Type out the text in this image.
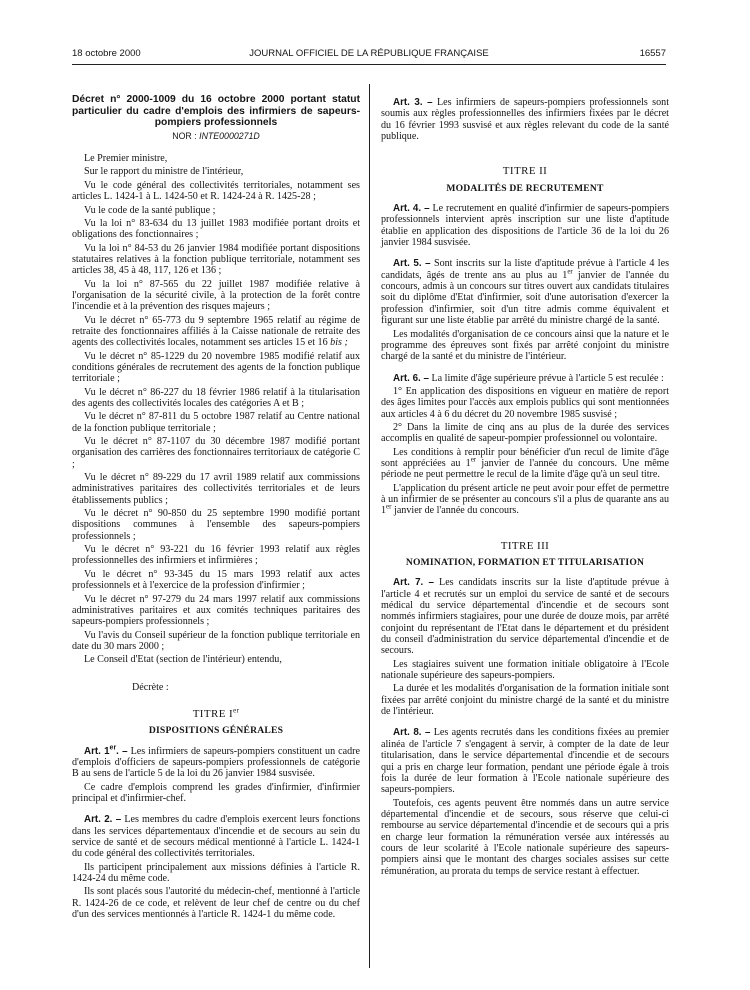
18 octobre 2000	JOURNAL OFFICIEL DE LA RÉPUBLIQUE FRANÇAISE	16557
Décret n° 2000-1009 du 16 octobre 2000 portant statut particulier du cadre d'emplois des infirmiers de sapeurs-pompiers professionnels
NOR : INTE0000271D

Le Premier ministre,

Sur le rapport du ministre de l'intérieur,

Vu le code général des collectivités territoriales, notamment ses articles L. 1424-1 à L. 1424-50 et R. 1424-24 à R. 1425-28 ;

Vu le code de la santé publique ;

Vu la loi n° 83-634 du 13 juillet 1983 modifiée portant droits et obligations des fonctionnaires ;

Vu la loi n° 84-53 du 26 janvier 1984 modifiée portant dispositions statutaires relatives à la fonction publique territoriale, notamment ses articles 38, 45 à 48, 117, 126 et 136 ;

Vu la loi n° 87-565 du 22 juillet 1987 modifiée relative à l'organisation de la sécurité civile, à la protection de la forêt contre l'incendie et à la prévention des risques majeurs ;

Vu le décret n° 65-773 du 9 septembre 1965 relatif au régime de retraite des fonctionnaires affiliés à la Caisse nationale de retraite des agents des collectivités locales, notamment ses articles 15 et 16 bis ;

Vu le décret n° 85-1229 du 20 novembre 1985 modifié relatif aux conditions générales de recrutement des agents de la fonction publique territoriale ;

Vu le décret n° 86-227 du 18 février 1986 relatif à la titularisation des agents des collectivités locales des catégories A et B ;

Vu le décret n° 87-811 du 5 octobre 1987 relatif au Centre national de la fonction publique territoriale ;

Vu le décret n° 87-1107 du 30 décembre 1987 modifié portant organisation des carrières des fonctionnaires territoriaux de catégorie C ;

Vu le décret n° 89-229 du 17 avril 1989 relatif aux commissions administratives paritaires des collectivités territoriales et de leurs établissements publics ;

Vu le décret n° 90-850 du 25 septembre 1990 modifié portant dispositions communes à l'ensemble des sapeurs-pompiers professionnels ;

Vu le décret n° 93-221 du 16 février 1993 relatif aux règles professionnelles des infirmiers et infirmières ;

Vu le décret n° 93-345 du 15 mars 1993 relatif aux actes professionnels et à l'exercice de la profession d'infirmier ;

Vu le décret n° 97-279 du 24 mars 1997 relatif aux commissions administratives paritaires et aux comités techniques paritaires des sapeurs-pompiers professionnels ;

Vu l'avis du Conseil supérieur de la fonction publique territoriale en date du 30 mars 2000 ;

Le Conseil d'Etat (section de l'intérieur) entendu,

Décrète :

TITRE Ier
DISPOSITIONS GÉNÉRALES

Art. 1er. – Les infirmiers de sapeurs-pompiers constituent un cadre d'emplois d'officiers de sapeurs-pompiers professionnels de catégorie B au sens de l'article 5 de la loi du 26 janvier 1984 susvisée.

Ce cadre d'emplois comprend les grades d'infirmier, d'infirmier principal et d'infirmier-chef.

Art. 2. – Les membres du cadre d'emplois exercent leurs fonctions dans les services départementaux d'incendie et de secours au sein du service de santé et de secours médical mentionné à l'article L. 1424-1 du code général des collectivités territoriales.

Ils participent principalement aux missions définies à l'article R. 1424-24 du même code.

Ils sont placés sous l'autorité du médecin-chef, mentionné à l'article R. 1424-26 de ce code, et relèvent de leur chef de centre ou du chef d'un des services mentionnés à l'article R. 1424-1 du même code.

Art. 3. – Les infirmiers de sapeurs-pompiers professionnels sont soumis aux règles professionnelles des infirmiers fixées par le décret du 16 février 1993 susvisé et aux règles relevant du code de la santé publique.

TITRE II
MODALITÉS DE RECRUTEMENT

Art. 4. – Le recrutement en qualité d'infirmier de sapeurs-pompiers professionnels intervient après inscription sur une liste d'aptitude établie en application des dispositions de l'article 36 de la loi du 26 janvier 1984 susvisée.

Art. 5. – Sont inscrits sur la liste d'aptitude prévue à l'article 4 les candidats, âgés de trente ans au plus au 1er janvier de l'année du concours, admis à un concours sur titres ouvert aux candidats titulaires soit du diplôme d'Etat d'infirmier, soit d'une autorisation d'exercer la profession d'infirmier, soit d'un titre admis comme équivalent et figurant sur une liste établie par arrêté du ministre chargé de la santé.

Les modalités d'organisation de ce concours ainsi que la nature et le programme des épreuves sont fixés par arrêté conjoint du ministre chargé de la santé et du ministre de l'intérieur.

Art. 6. – La limite d'âge supérieure prévue à l'article 5 est reculée :

1° En application des dispositions en vigueur en matière de report des âges limites pour l'accès aux emplois publics qui sont mentionnées aux articles 4 à 6 du décret du 20 novembre 1985 susvisé ;

2° Dans la limite de cinq ans au plus de la durée des services accomplis en qualité de sapeur-pompier professionnel ou volontaire.

Les conditions à remplir pour bénéficier d'un recul de limite d'âge sont appréciées au 1er janvier de l'année du concours. Une même période ne peut permettre le recul de la limite d'âge qu'à un seul titre.

L'application du présent article ne peut avoir pour effet de permettre à un infirmier de se présenter au concours s'il a plus de quarante ans au 1er janvier de l'année du concours.

TITRE III
NOMINATION, FORMATION ET TITULARISATION

Art. 7. – Les candidats inscrits sur la liste d'aptitude prévue à l'article 4 et recrutés sur un emploi du service de santé et de secours médical du service départemental d'incendie et de secours sont nommés infirmiers stagiaires, pour une durée de douze mois, par arrêté conjoint du représentant de l'Etat dans le département et du président du conseil d'administration du service départemental d'incendie et de secours.

Les stagiaires suivent une formation initiale obligatoire à l'Ecole nationale supérieure des sapeurs-pompiers.

La durée et les modalités d'organisation de la formation initiale sont fixées par arrêté conjoint du ministre chargé de la santé et du ministre de l'intérieur.

Art. 8. – Les agents recrutés dans les conditions fixées au premier alinéa de l'article 7 s'engagent à servir, à compter de la date de leur titularisation, dans le service départemental d'incendie et de secours qui a pris en charge leur formation, pendant une période égale à trois fois la durée de leur formation à l'Ecole nationale supérieure des sapeurs-pompiers.

Toutefois, ces agents peuvent être nommés dans un autre service départemental d'incendie et de secours, sous réserve que celui-ci rembourse au service départemental d'incendie et de secours qui a pris en charge leur formation la rémunération versée aux intéressés au cours de leur scolarité à l'Ecole nationale supérieure des sapeurs-pompiers ainsi que le montant des charges sociales assises sur cette rémunération, au prorata du temps de service restant à effectuer.
